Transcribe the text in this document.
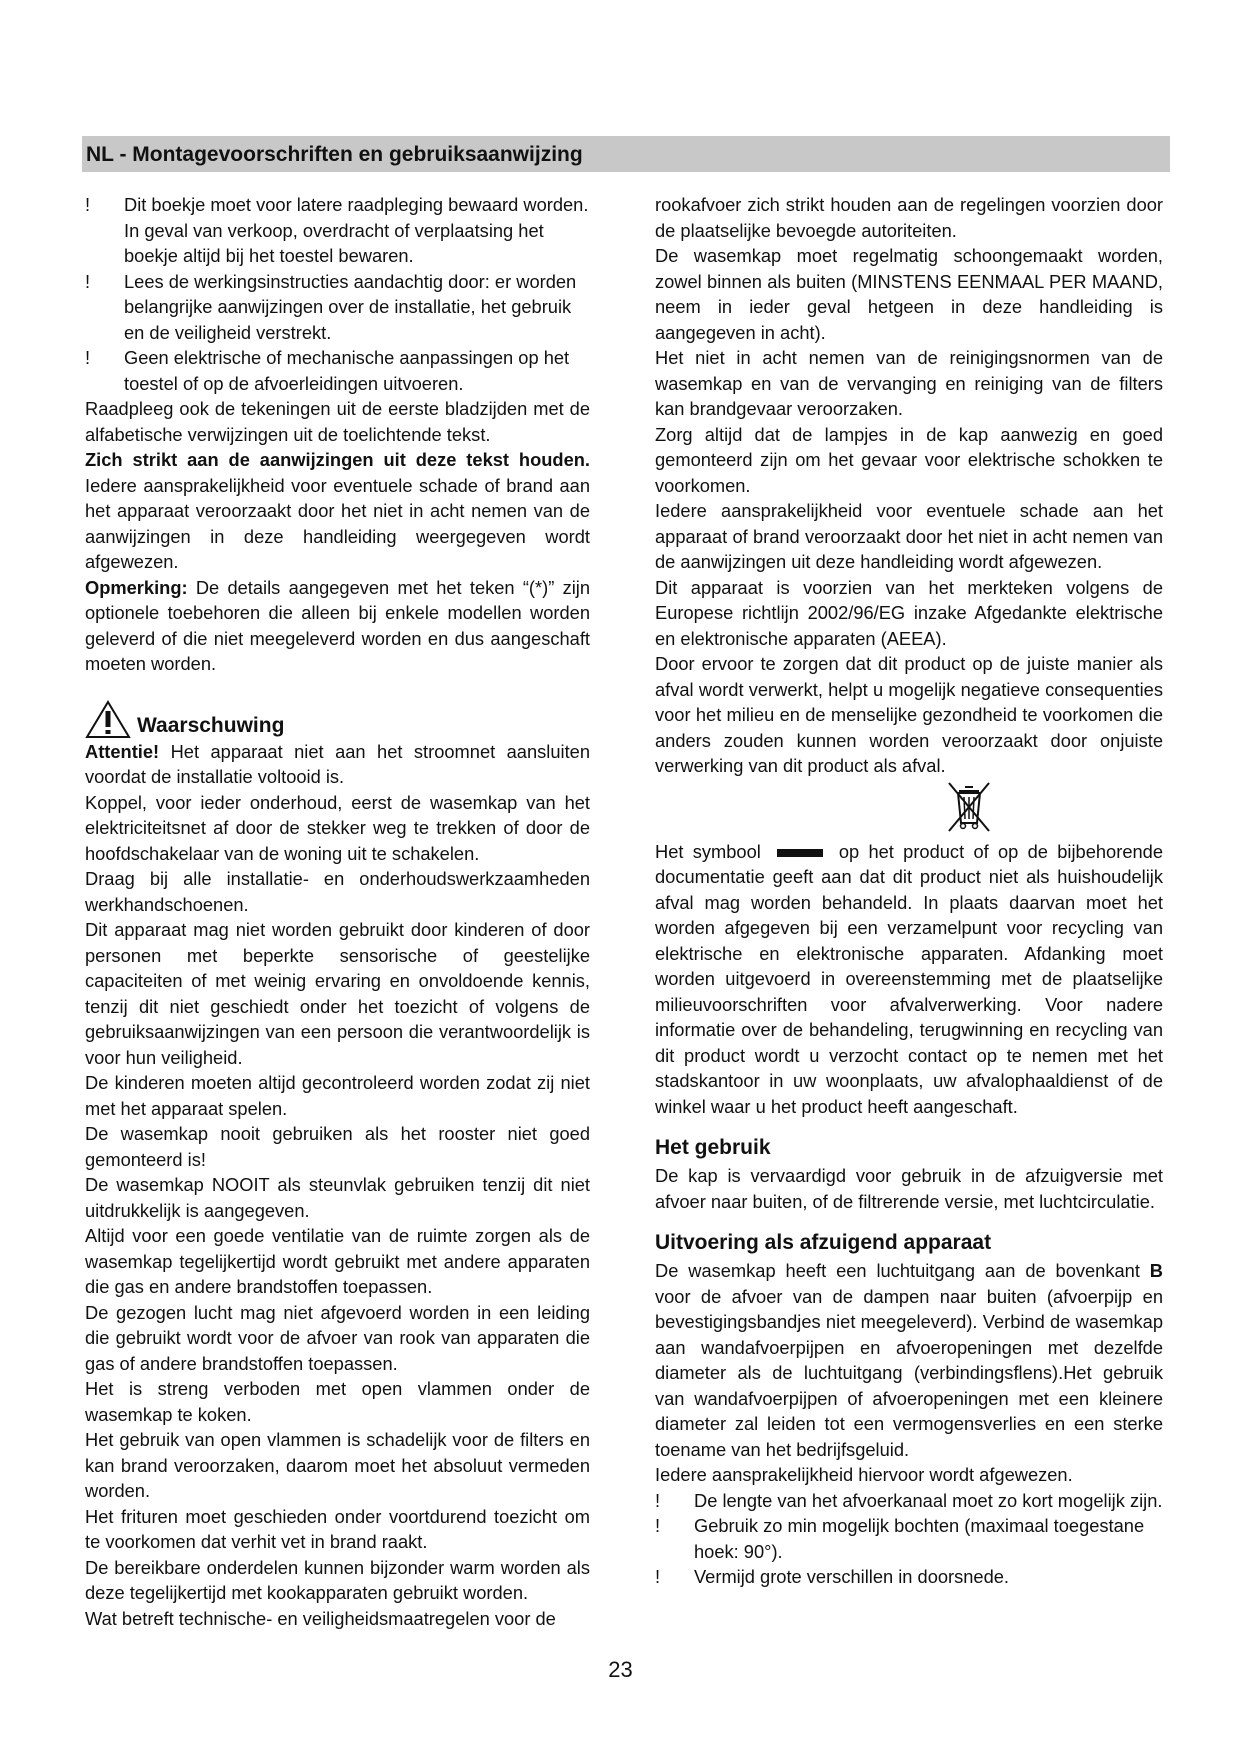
NL - Montagevoorschriften en gebruiksaanwijzing

! Dit boekje moet voor latere raadpleging bewaard worden. In geval van verkoop, overdracht of verplaatsing het boekje altijd bij het toestel bewaren.

! Lees de werkingsinstructies aandachtig door: er worden belangrijke aanwijzingen over de installatie, het gebruik en de veiligheid verstrekt.

! Geen elektrische of mechanische aanpassingen op het toestel of op de afvoerleidingen uitvoeren.

Raadpleeg ook de tekeningen uit de eerste bladzijden met de alfabetische verwijzingen uit de toelichtende tekst.

Zich strikt aan de aanwijzingen uit deze tekst houden. Iedere aansprakelijkheid voor eventuele schade of brand aan het apparaat veroorzaakt door het niet in acht nemen van de aanwijzingen in deze handleiding weergegeven wordt afgewezen.

Opmerking: De details aangegeven met het teken “(*)” zijn optionele toebehoren die alleen bij enkele modellen worden geleverd of die niet meegeleverd worden en dus aangeschaft moeten worden.

Waarschuwing

Attentie! Het apparaat niet aan het stroomnet aansluiten voordat de installatie voltooid is.

Koppel, voor ieder onderhoud, eerst de wasemkap van het elektriciteitsnet af door de stekker weg te trekken of door de hoofdschakelaar van de woning uit te schakelen.

Draag bij alle installatie- en onderhoudswerkzaamheden werkhandschoenen.

Dit apparaat mag niet worden gebruikt door kinderen of door personen met beperkte sensorische of geestelijke capaciteiten of met weinig ervaring en onvoldoende kennis, tenzij dit niet geschiedt onder het toezicht of volgens de gebruiksaanwijzingen van een persoon die verantwoordelijk is voor hun veiligheid.

De kinderen moeten altijd gecontroleerd worden zodat zij niet met het apparaat spelen.

De wasemkap nooit gebruiken als het rooster niet goed gemonteerd is!

De wasemkap NOOIT als steunvlak gebruiken tenzij dit niet uitdrukkelijk is aangegeven.

Altijd voor een goede ventilatie van de ruimte zorgen als de wasemkap tegelijkertijd wordt gebruikt met andere apparaten die gas en andere brandstoffen toepassen.

De gezogen lucht mag niet afgevoerd worden in een leiding die gebruikt wordt voor de afvoer van rook van apparaten die gas of andere brandstoffen toepassen.

Het is streng verboden met open vlammen onder de wasemkap te koken.

Het gebruik van open vlammen is schadelijk voor de filters en kan brand veroorzaken, daarom moet het absoluut vermeden worden.

Het frituren moet geschieden onder voortdurend toezicht om te voorkomen dat verhit vet in brand raakt.

De bereikbare onderdelen kunnen bijzonder warm worden als deze tegelijkertijd met kookapparaten gebruikt worden.

Wat betreft technische- en veiligheidsmaatregelen voor de

rookafvoer zich strikt houden aan de regelingen voorzien door de plaatselijke bevoegde autoriteiten.

De wasemkap moet regelmatig schoongemaakt worden, zowel binnen als buiten (MINSTENS EENMAAL PER MAAND, neem in ieder geval hetgeen in deze handleiding is aangegeven in acht).

Het niet in acht nemen van de reinigingsnormen van de wasemkap en van de vervanging en reiniging van de filters kan brandgevaar veroorzaken.

Zorg altijd dat de lampjes in de kap aanwezig en goed gemonteerd zijn om het gevaar voor elektrische schokken te voorkomen.

Iedere aansprakelijkheid voor eventuele schade aan het apparaat of brand veroorzaakt door het niet in acht nemen van de aanwijzingen uit deze handleiding wordt afgewezen.

Dit apparaat is voorzien van het merkteken volgens de Europese richtlijn 2002/96/EG inzake Afgedankte elektrische en elektronische apparaten (AEEA).

Door ervoor te zorgen dat dit product op de juiste manier als afval wordt verwerkt, helpt u mogelijk negatieve consequenties voor het milieu en de menselijke gezondheid te voorkomen die anders zouden kunnen worden veroorzaakt door onjuiste verwerking van dit product als afval.

Het symbool	op het product of op de bijbehorende documentatie geeft aan dat dit product niet als huishoudelijk afval mag worden behandeld. In plaats daarvan moet het worden afgegeven bij een verzamelpunt voor recycling van elektrische en elektronische apparaten. Afdanking moet worden uitgevoerd in overeenstemming met de plaatselijke milieuvoorschriften voor afvalverwerking. Voor nadere informatie over de behandeling, terugwinning en recycling van dit product wordt u verzocht contact op te nemen met het stadskantoor in uw woonplaats, uw afvalophaaldienst of de winkel waar u het product heeft aangeschaft.

Het gebruik

De kap is vervaardigd voor gebruik in de afzuigversie met afvoer naar buiten, of de filtrerende versie, met luchtcirculatie.

Uitvoering als afzuigend apparaat

De wasemkap heeft een luchtuitgang aan de bovenkant B voor de afvoer van de dampen naar buiten (afvoerpijp en bevestigingsbandjes niet meegeleverd). Verbind de wasemkap aan wandafvoerpijpen en afvoeropeningen met dezelfde diameter als de luchtuitgang (verbindingsflens).Het gebruik van wandafvoerpijpen of afvoeropeningen met een kleinere diameter zal leiden tot een vermogensverlies en een sterke toename van het bedrijfsgeluid.

Iedere aansprakelijkheid hiervoor wordt afgewezen.

! De lengte van het afvoerkanaal moet zo kort mogelijk zijn.

! Gebruik zo min mogelijk bochten (maximaal toegestane hoek: 90°).

! Vermijd grote verschillen in doorsnede.

23
